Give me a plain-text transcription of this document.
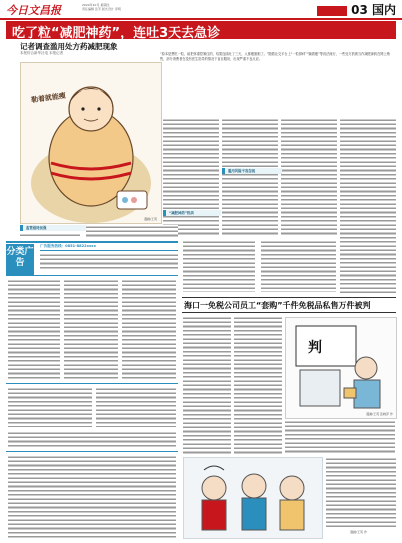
今日文昌报	2024年10月 星期四
责任编辑 张芳 版式设计 李明	03 国内
吃了粒“减肥神药”，连吐3天去急诊
记者调查滥用处方药减肥现象
本报综合新华社电 本报记者	“原本是想吃一粒，能把体重控制住的，结果连续吐了三天，人都瘦脱相了。”随着社交平台上“一粒掉秤”“躺着瘦”等说法流行，一些处方药被当作减肥神药在网上销售，部分消费者在没有医生指导的情况下盲目服用，出现严重不良反应。
勒着就能瘦
漫画/王英
滥用风险不容忽视
“减肥神药”热卖
监管亟待加强
分类广告
广告服务热线：0851-8822xxxx
海口一免税公司员工“套购”千件免税品私售万件被判
判
漫画/王英 张晓萍 作
漫画/王英 作
